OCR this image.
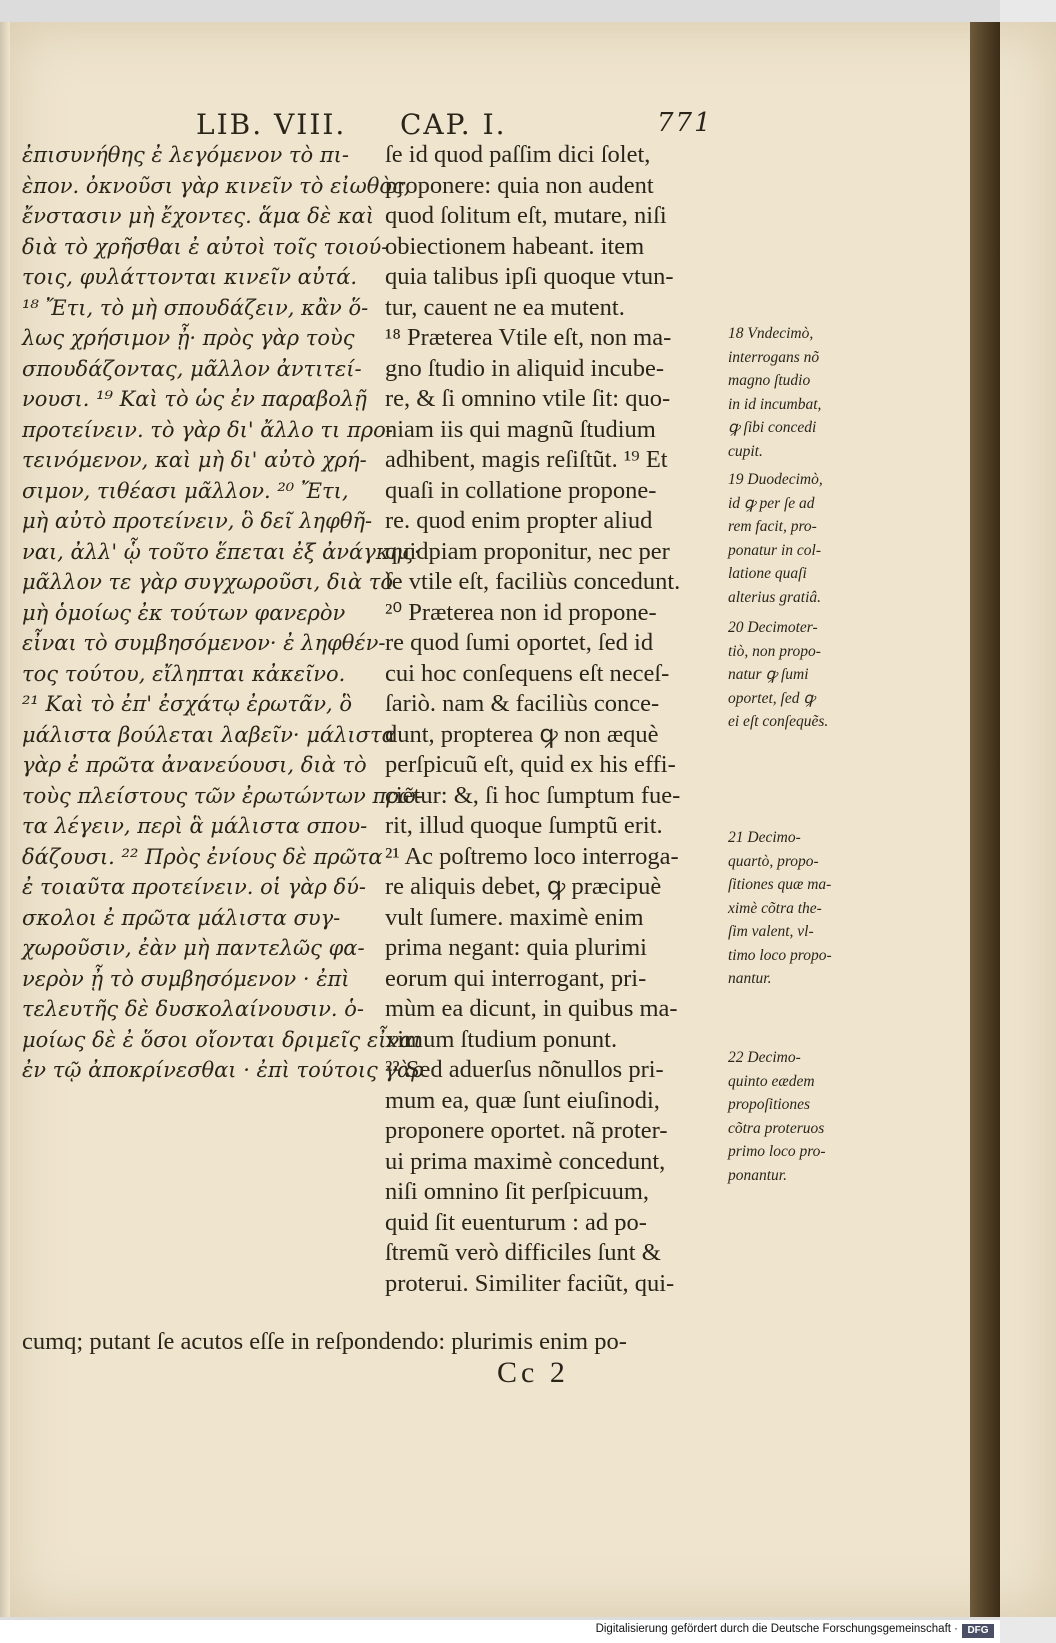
LIB. VIII. CAP. I.	771
ἐπισυνήθης ἐ λεγόμενον τὸ πι-
ὲπον. ὀκνοῦσι γὰρ κινεῖν τὸ εἰωθὸς,
ἔνστασιν μὴ ἔχοντες. ἅμα δὲ καὶ
διὰ τὸ χρῆσθαι ἐ αὐτοὶ τοῖς τοιού-
τοις, φυλάττονται κινεῖν αὐτά.
¹⁸ Ἔτι, τὸ μὴ σπουδάζειν, κἂν ὅ-
λως χρήσιμον ᾖ· πρὸς γὰρ τοὺς
σπουδάζοντας, μᾶλλον ἀντιτεί-
νουσι. ¹⁹ Καὶ τὸ ὡς ἐν παραβολῇ
προτείνειν. τὸ γὰρ δι' ἄλλο τι προ-
τεινόμενον, καὶ μὴ δι' αὐτὸ χρή-
σιμον, τιθέασι μᾶλλον. ²⁰ Ἔτι,
μὴ αὐτὸ προτείνειν, ὃ δεῖ ληφθῆ-
ναι, ἀλλ' ᾧ τοῦτο ἕπεται ἐξ ἀνάγκης·
μᾶλλον τε γὰρ συγχωροῦσι, διὰ τὸ
μὴ ὁμοίως ἐκ τούτων φανερὸν
εἶναι τὸ συμβησόμενον· ἐ ληφθέν-
τος τούτου, εἴληπται κἀκεῖνο.
²¹ Καὶ τὸ ἐπ' ἐσχάτῳ ἐρωτᾶν, ὃ
μάλιστα βούλεται λαβεῖν· μάλιστα
γὰρ ἐ πρῶτα ἀνανεύουσι, διὰ τὸ
τοὺς πλείστους τῶν ἐρωτώντων πρῶ-
τα λέγειν, περὶ ἃ μάλιστα σπου-
δάζουσι. ²² Πρὸς ἐνίους δὲ πρῶτα
ἐ τοιαῦτα προτείνειν. οἱ γὰρ δύ-
σκολοι ἐ πρῶτα μάλιστα συγ-
χωροῦσιν, ἐὰν μὴ παντελῶς φα-
νερὸν ᾖ τὸ συμβησόμενον · ἐπὶ
τελευτῆς δὲ δυσκολαίνουσιν. ὁ-
μοίως δὲ ἐ ὅσοι οἴονται δριμεῖς εἶναι
ἐν τῷ ἀποκρίνεσθαι · ἐπὶ τούτοις γὰρ
ſe id quod paſſim dici ſolet,
proponere: quia non audent
quod ſolitum eſt, mutare, niſi
obiectionem habeant. item
quia talibus ipſi quoque vtun-
tur, cauent ne ea mutent.
¹⁸ Præterea Vtile eſt, non ma-
gno ſtudio in aliquid incube-
re, & ſi omnino vtile ſit: quo-
niam iis qui magnũ ſtudium
adhibent, magis reſiſtũt. ¹⁹ Et
quaſi in collatione propone-
re. quod enim propter aliud
quidpiam proponitur, nec per
ſe vtile eſt, faciliùs concedunt.
²⁰ Præterea non id propone-
re quod ſumi oportet, ſed id
cui hoc conſequens eſt neceſ-
ſariò. nam & faciliùs conce-
dunt, propterea ꝙ non æquè
perſpicuũ eſt, quid ex his effi-
cietur: &, ſi hoc ſumptum fue-
rit, illud quoque ſumptũ erit.
²¹ Ac poſtremo loco interroga-
re aliquis debet, ꝙ præcipuè
vult ſumere. maximè enim
prima negant: quia plurimi
eorum qui interrogant, pri-
mùm ea dicunt, in quibus ma-
ximum ſtudium ponunt.
²² Sed aduerſus nõnullos pri-
mum ea, quæ ſunt eiuſinodi,
proponere oportet. nã proter-
ui prima maximè concedunt,
niſi omnino ſit perſpicuum,
quid ſit euenturum : ad po-
ſtremũ verò difficiles ſunt &
proterui. Similiter faciũt, qui-
cumq; putant ſe acutos eſſe in reſpondendo: plurimis enim po-
Cc 2
18 Vndecimò,
interrogans nõ
magno ſtudio
in id incumbat,
ꝙ ſibi concedi
cupit.
19 Duodecimò,
id ꝙ per ſe ad
rem facit, pro-
ponatur in col-
latione quaſi
alterius gratiâ.
20 Decimoter-
tiò, non propo-
natur ꝙ ſumi
oportet, ſed ꝙ
ei eſt conſequẽs.
21 Decimo-
quartò, propo-
ſitiones quæ ma-
ximè cõtra the-
ſim valent, vl-
timo loco propo-
nantur.
22 Decimo-
quinto eædem
propoſitiones
cõtra proteruos
primo loco pro-
ponantur.
Digitalisierung gefördert durch die Deutsche Forschungsgemeinschaft · DFG
